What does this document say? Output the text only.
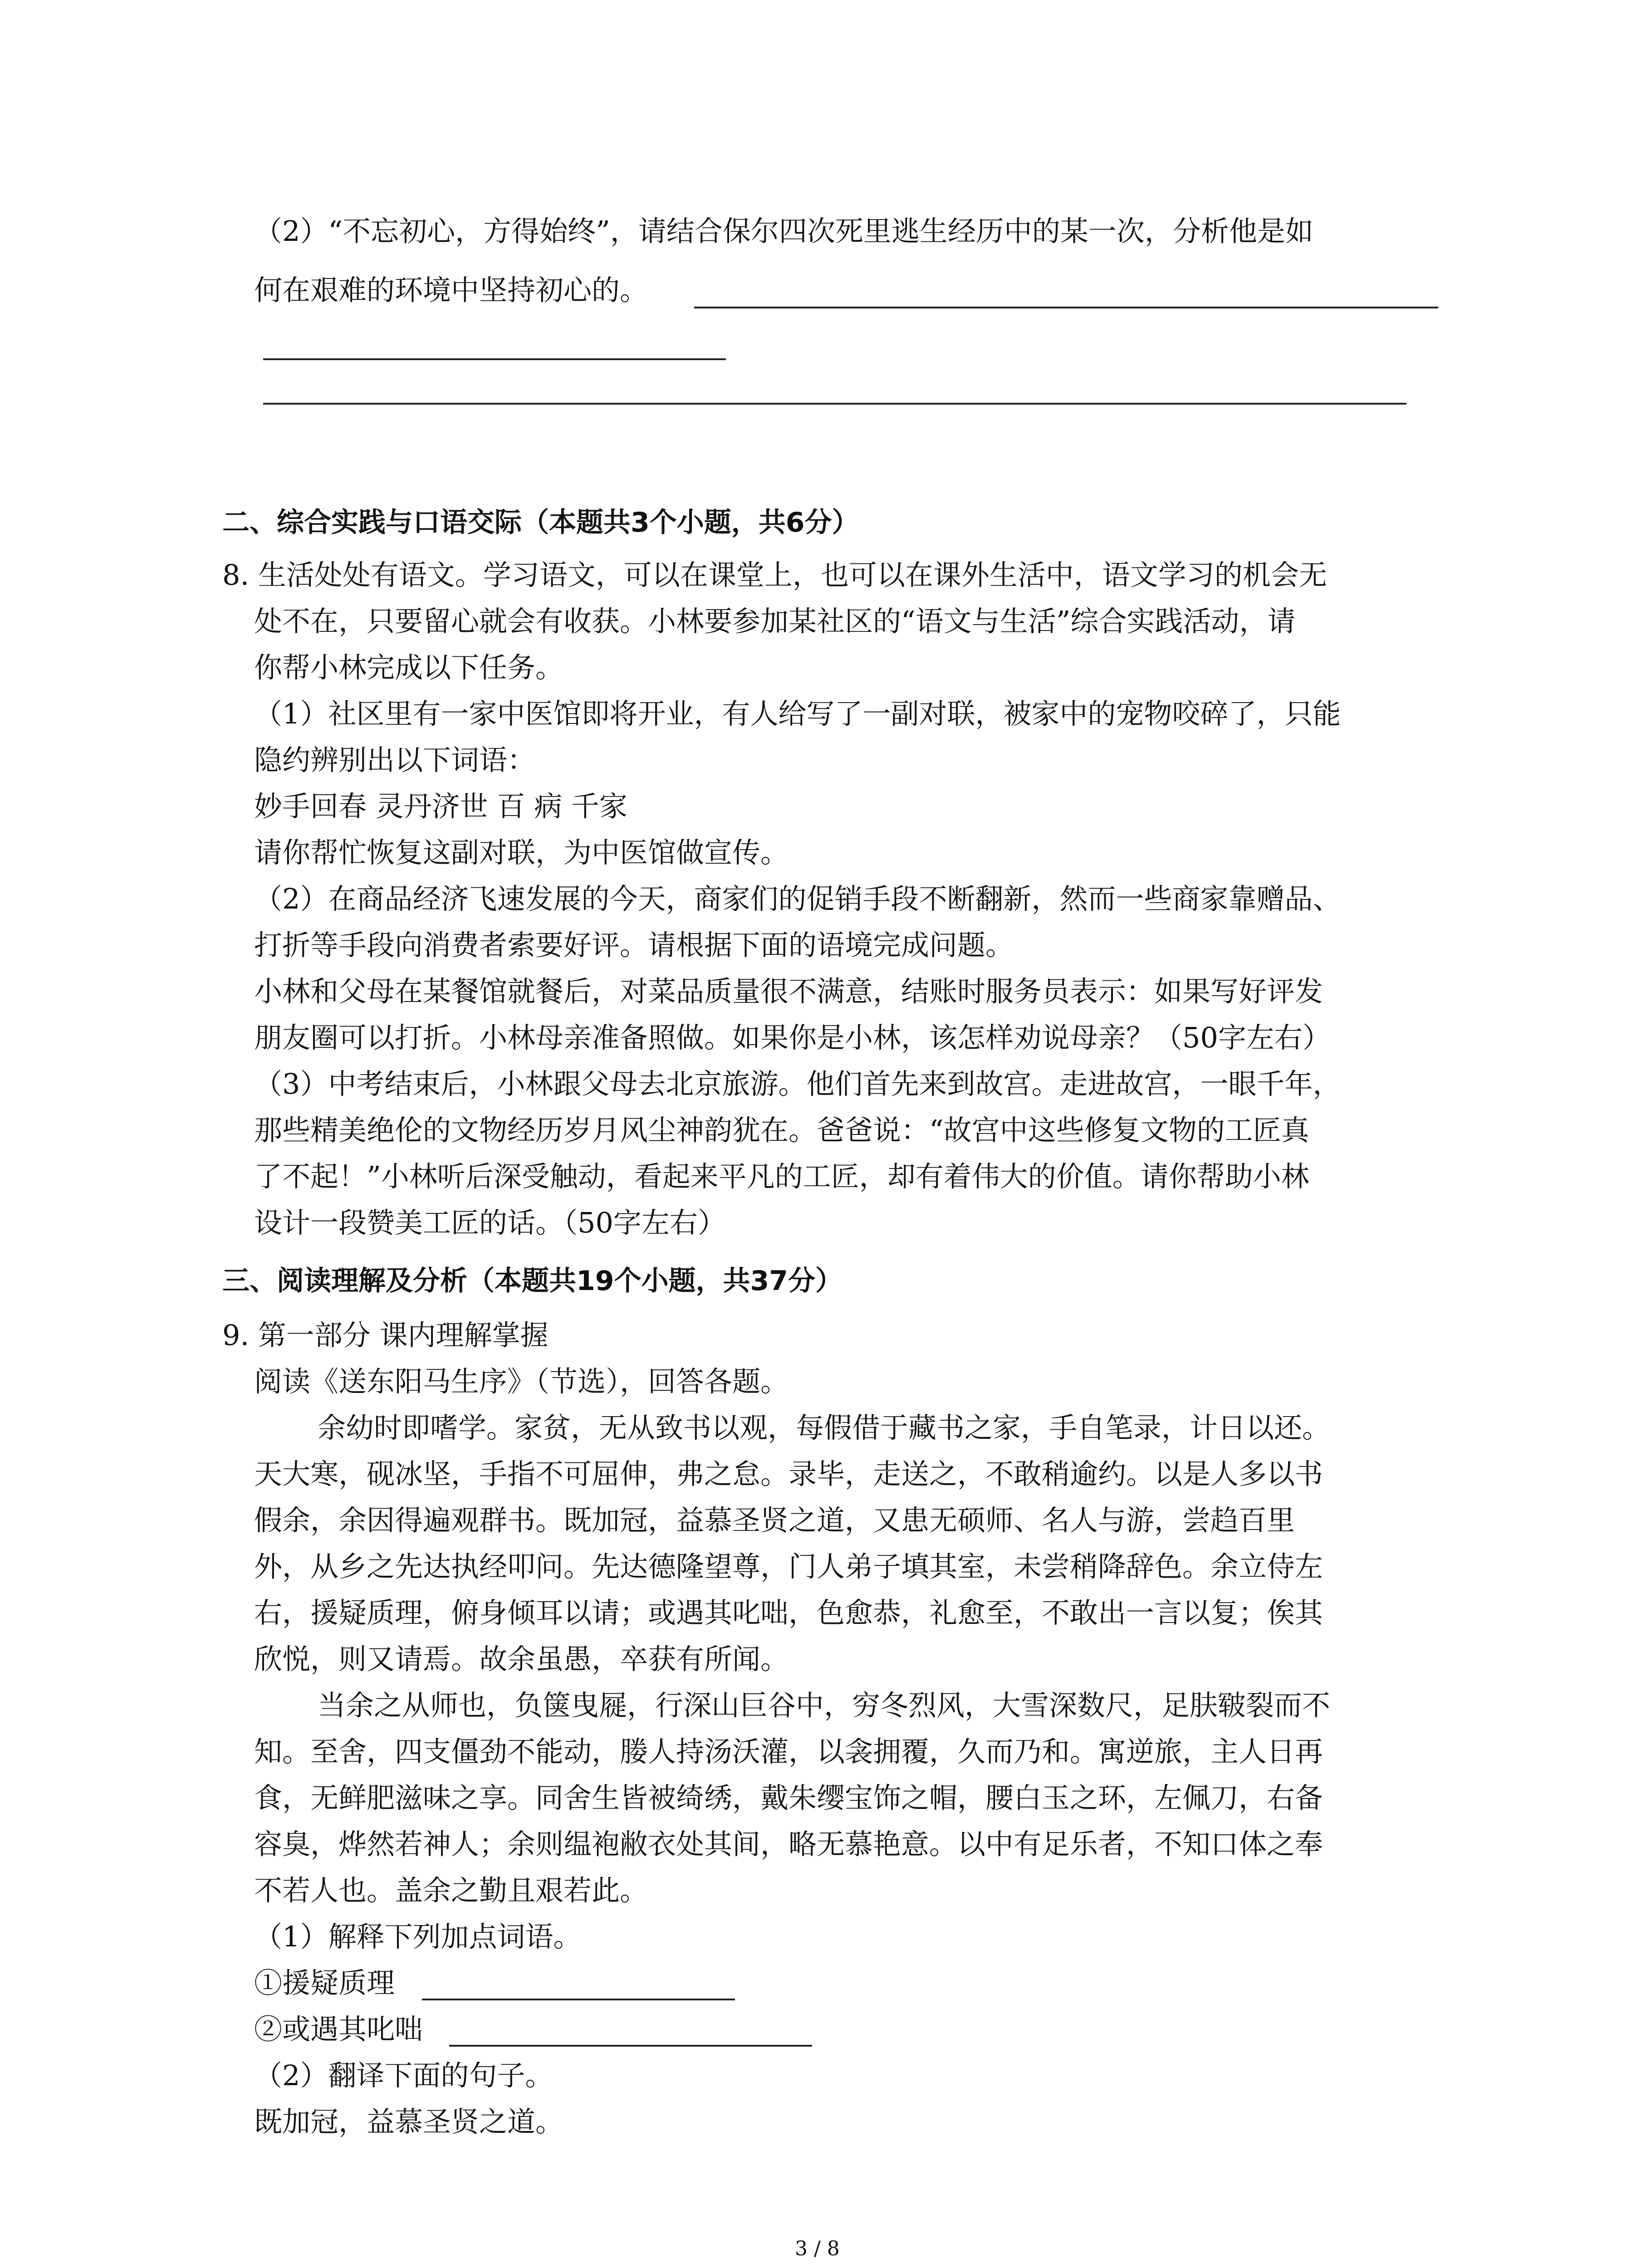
（2）“不忘初心，方得始终”，请结合保尔四次死里逃生经历中的某一次，分析他是如
何在艰难的环境中坚持初心的。
二、综合实践与口语交际（本题共3个小题，共6分）
8. 生活处处有语文。学习语文，可以在课堂上，也可以在课外生活中，语文学习的机会无
处不在，只要留心就会有收获。小林要参加某社区的“语文与生活”综合实践活动，请
你帮小林完成以下任务。
（1）社区里有一家中医馆即将开业，有人给写了一副对联，被家中的宠物咬碎了，只能
隐约辨别出以下词语：
妙手回春 灵丹济世 百 病 千家
请你帮忙恢复这副对联，为中医馆做宣传。
（2）在商品经济飞速发展的今天，商家们的促销手段不断翻新，然而一些商家靠赠品、
打折等手段向消费者索要好评。请根据下面的语境完成问题。
小林和父母在某餐馆就餐后，对菜品质量很不满意，结账时服务员表示：如果写好评发
朋友圈可以打折。小林母亲准备照做。如果你是小林，该怎样劝说母亲？（50字左右）
（3）中考结束后，小林跟父母去北京旅游。他们首先来到故宫。走进故宫，一眼千年，
那些精美绝伦的文物经历岁月风尘神韵犹在。爸爸说：“故宫中这些修复文物的工匠真
了不起！”小林听后深受触动，看起来平凡的工匠，却有着伟大的价值。请你帮助小林
设计一段赞美工匠的话。（50字左右）
三、阅读理解及分析（本题共19个小题，共37分）
9. 第一部分 课内理解掌握
阅读《送东阳马生序》（节选），回答各题。
余幼时即嗜学。家贫，无从致书以观，每假借于藏书之家，手自笔录，计日以还。
天大寒，砚冰坚，手指不可屈伸，弗之怠。录毕，走送之，不敢稍逾约。以是人多以书
假余，余因得遍观群书。既加冠，益慕圣贤之道，又患无硕师、名人与游，尝趋百里
外，从乡之先达执经叩问。先达德隆望尊，门人弟子填其室，未尝稍降辞色。余立侍左
右，援疑质理，俯身倾耳以请；或遇其叱咄，色愈恭，礼愈至，不敢出一言以复；俟其
欣悦，则又请焉。故余虽愚，卒获有所闻。
当余之从师也，负箧曳屣，行深山巨谷中，穷冬烈风，大雪深数尺，足肤皲裂而不
知。至舍，四支僵劲不能动，媵人持汤沃灌，以衾拥覆，久而乃和。寓逆旅，主人日再
食，无鲜肥滋味之享。同舍生皆被绮绣，戴朱缨宝饰之帽，腰白玉之环，左佩刀，右备
容臭，烨然若神人；余则缊袍敝衣处其间，略无慕艳意。以中有足乐者，不知口体之奉
不若人也。盖余之勤且艰若此。
（1）解释下列加点词语。
①援疑质理
②或遇其叱咄
（2）翻译下面的句子。
既加冠，益慕圣贤之道。
3 / 8
